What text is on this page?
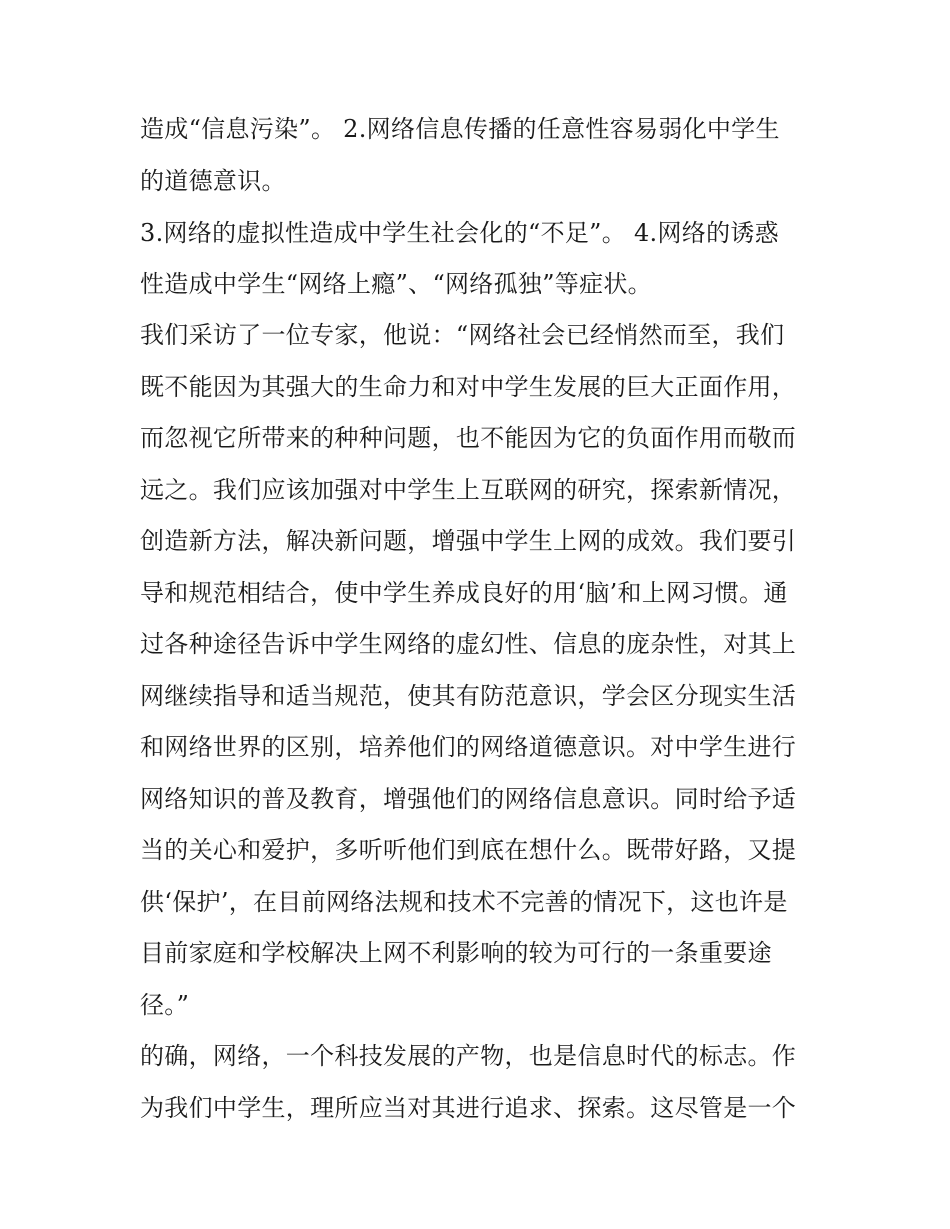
造成“信息污染”。 2.网络信息传播的任意性容易弱化中学生
的道德意识。
3.网络的虚拟性造成中学生社会化的“不足”。 4.网络的诱惑
性造成中学生“网络上瘾”、“网络孤独”等症状。
我们采访了一位专家，他说：“网络社会已经悄然而至，我们
既不能因为其强大的生命力和对中学生发展的巨大正面作用，
而忽视它所带来的种种问题，也不能因为它的负面作用而敬而
远之。我们应该加强对中学生上互联网的研究，探索新情况，
创造新方法，解决新问题，增强中学生上网的成效。我们要引
导和规范相结合，使中学生养成良好的用‘脑’和上网习惯。通
过各种途径告诉中学生网络的虚幻性、信息的庞杂性，对其上
网继续指导和适当规范，使其有防范意识，学会区分现实生活
和网络世界的区别，培养他们的网络道德意识。对中学生进行
网络知识的普及教育，增强他们的网络信息意识。同时给予适
当的关心和爱护，多听听他们到底在想什么。既带好路，又提
供‘保护’，在目前网络法规和技术不完善的情况下，这也许是
目前家庭和学校解决上网不利影响的较为可行的一条重要途
径。”
的确，网络，一个科技发展的产物，也是信息时代的标志。作
为我们中学生，理所应当对其进行追求、探索。这尽管是一个
